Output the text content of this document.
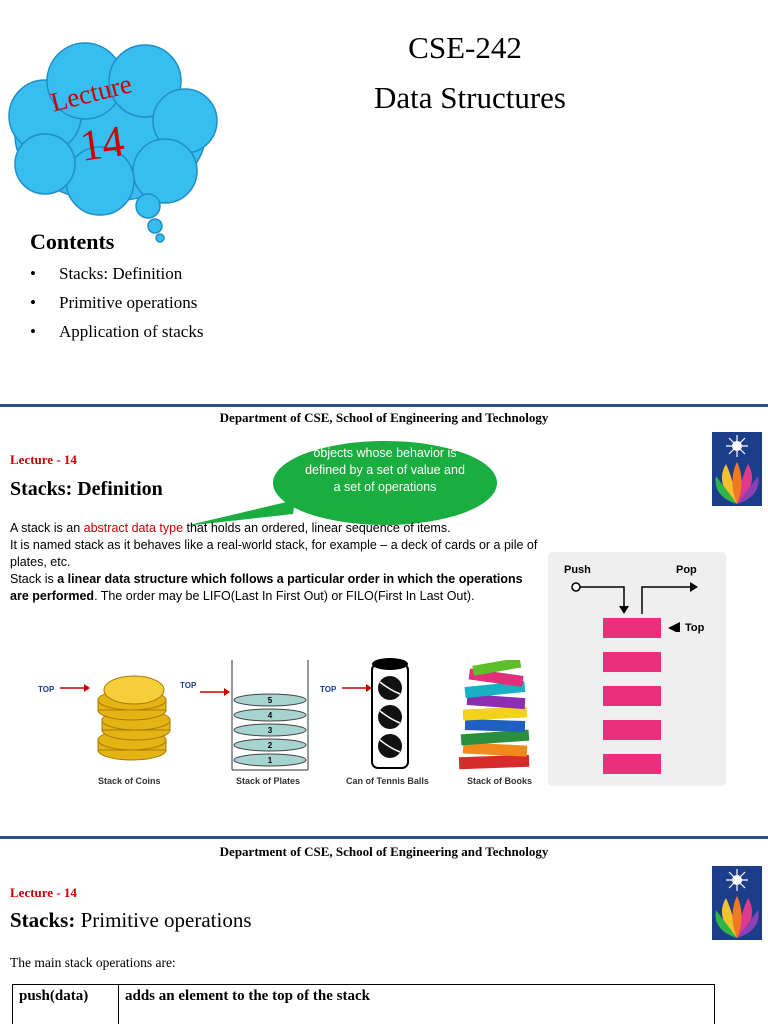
CSE-242
Data Structures
Lecture
14
Contents
• Stacks: Definition
• Primitive operations
• Application of stacks
Department of CSE, School of Engineering and Technology
Lecture - 14
Stacks: Definition
objects whose behavior is defined by a set of value and a set of operations
A stack is an abstract data type that holds an ordered, linear sequence of items.
It is named stack as it behaves like a real-world stack, for example – a deck of cards or a pile of plates, etc.
Stack is a linear data structure which follows a particular order in which the operations are performed. The order may be LIFO(Last In First Out) or FILO(First In Last Out).
TOP
Stack of Coins
TOP
5
4
3
2
1
Stack of Plates
TOP
Can of Tennis Balls	Stack of Books
Push	Pop
Top
Department of CSE, School of Engineering and Technology
Lecture - 14
Stacks: Primitive operations
The main stack operations are:
push(data)	adds an element to the top of the stack
